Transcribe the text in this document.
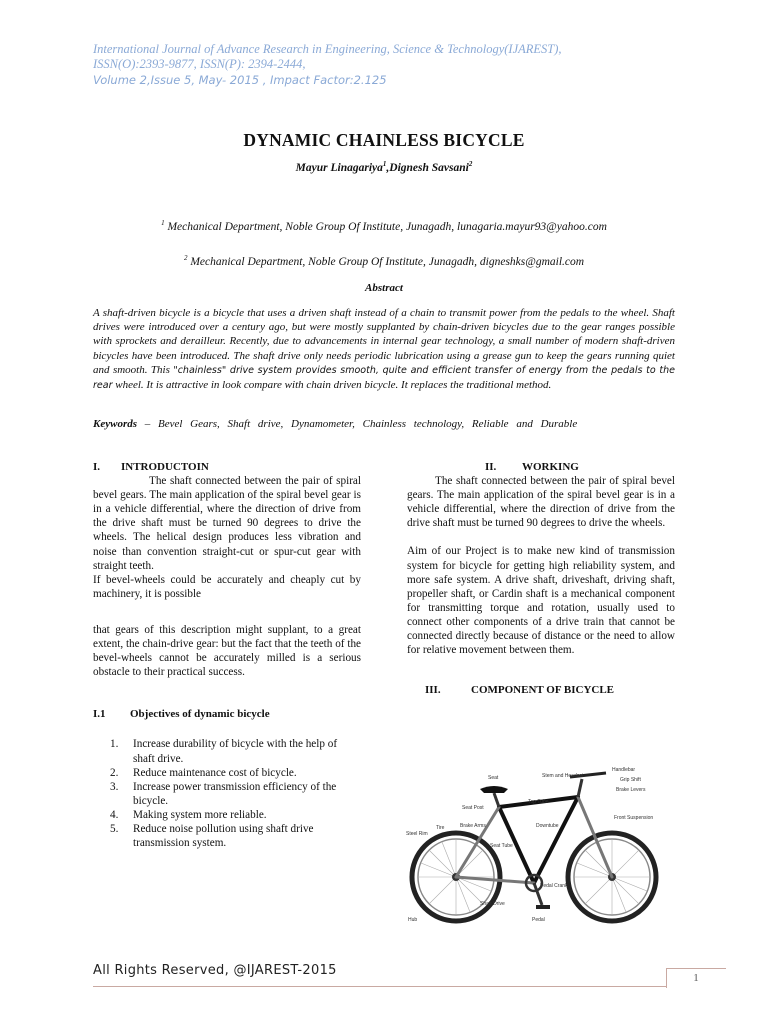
International Journal of Advance Research in Engineering, Science & Technology(IJAREST),
ISSN(O):2393-9877, ISSN(P): 2394-2444,
Volume 2,Issue 5, May- 2015 , Impact Factor:2.125
DYNAMIC CHAINLESS BICYCLE
Mayur Linagariya$^1$,Dignesh Savsani$^2$
$^1$ Mechanical Department, Noble Group Of Institute, Junagadh, lunagaria.mayur93@yahoo.com
$^2$ Mechanical Department, Noble Group Of Institute, Junagadh, digneshks@gmail.com
Abstract
A shaft-driven bicycle is a bicycle that uses a driven shaft instead of a chain to transmit power from the pedals to the wheel. Shaft drives were introduced over a century ago, but were mostly supplanted by chain-driven bicycles due to the gear ranges possible with sprockets and derailleur. Recently, due to advancements in internal gear technology, a small number of modern shaft-driven bicycles have been introduced. The shaft drive only needs periodic lubrication using a grease gun to keep the gears running quiet and smooth. This "chainless" drive system provides smooth, quite and efficient transfer of energy from the pedals to the rear wheel. It is attractive in look compare with chain driven bicycle. It replaces the traditional method.
Keywords – Bevel Gears, Shaft drive, Dynamometer, Chainless technology, Reliable and Durable
I.	INTRODUCTOIN
The shaft connected between the pair of spiral bevel gears. The main application of the spiral bevel gear is in a vehicle differential, where the direction of drive from the drive shaft must be turned 90 degrees to drive the wheels. The helical design produces less vibration and noise than convention straight-cut or spur-cut gear with straight teeth.
If bevel-wheels could be accurately and cheaply cut by machinery, it is possible
that gears of this description might supplant, to a great extent, the chain-drive gear: but the fact that the teeth of the bevel-wheels cannot be accurately milled is a serious obstacle to their practical success.
I.1	Objectives of dynamic bicycle
1.	Increase durability of bicycle with the help of shaft drive.
2.	Reduce maintenance cost of bicycle.
3.	Increase power transmission efficiency of the bicycle.
4.	Making system more reliable.
5.	Reduce noise pollution using shaft drive transmission system.
II.	WORKING
The shaft connected between the pair of spiral bevel gears. The main application of the spiral bevel gear is in a vehicle differential, where the direction of drive from the drive shaft must be turned 90 degrees to drive the wheels.
Aim of our Project is to make new kind of transmission system for bicycle for getting high reliability system, and more safe system. A drive shaft, driveshaft, driving shaft, propeller shaft, or Cardin shaft is a mechanical component for transmitting torque and rotation, usually used to connect other components of a drive train that cannot be connected directly because of distance or the need to allow for relative movement between them.
III.	COMPONENT OF BICYCLE
Seat	Stem and Headset
Handlebar
Grip Shift
Brake Levers
Top Tube
Seat Post
Brake Arms	Downtube
Front Suspension
Tire
Steel Rim
Seat Tube
Pedal Crank
Shaft Drive
Hub	Pedal
All Rights Reserved, @IJAREST-2015	1
